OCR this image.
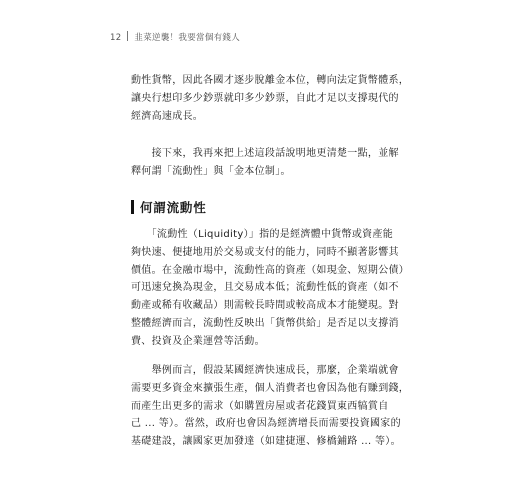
12 韭菜逆襲！我要當個有錢人
動性貨幣，因此各國才逐步脫離金本位，轉向法定貨幣體系，
讓央行想印多少鈔票就印多少鈔票，自此才足以支撐現代的
經濟高速成長。
　　接下來，我再來把上述這段話說明地更清楚一點，並解
釋何謂「流動性」與「金本位制」。
何謂流動性
　　「流動性（Liquidity）」指的是經濟體中貨幣或資產能
夠快速、便捷地用於交易或支付的能力，同時不顯著影響其
價值。在金融市場中，流動性高的資產（如現金、短期公債）
可迅速兌換為現金，且交易成本低；流動性低的資產（如不
動產或稀有收藏品）則需較長時間或較高成本才能變現。對
整體經濟而言，流動性反映出「貨幣供給」是否足以支撐消
費、投資及企業運營等活動。
　　舉例而言，假設某國經濟快速成長，那麼，企業端就會
需要更多資金來擴張生產，個人消費者也會因為他有賺到錢，
而產生出更多的需求（如購置房屋或者花錢買東西犒賞自
己 ... 等）。當然，政府也會因為經濟增長而需要投資國家的
基礎建設，讓國家更加發達（如建捷運、修橋鋪路 ... 等）。
